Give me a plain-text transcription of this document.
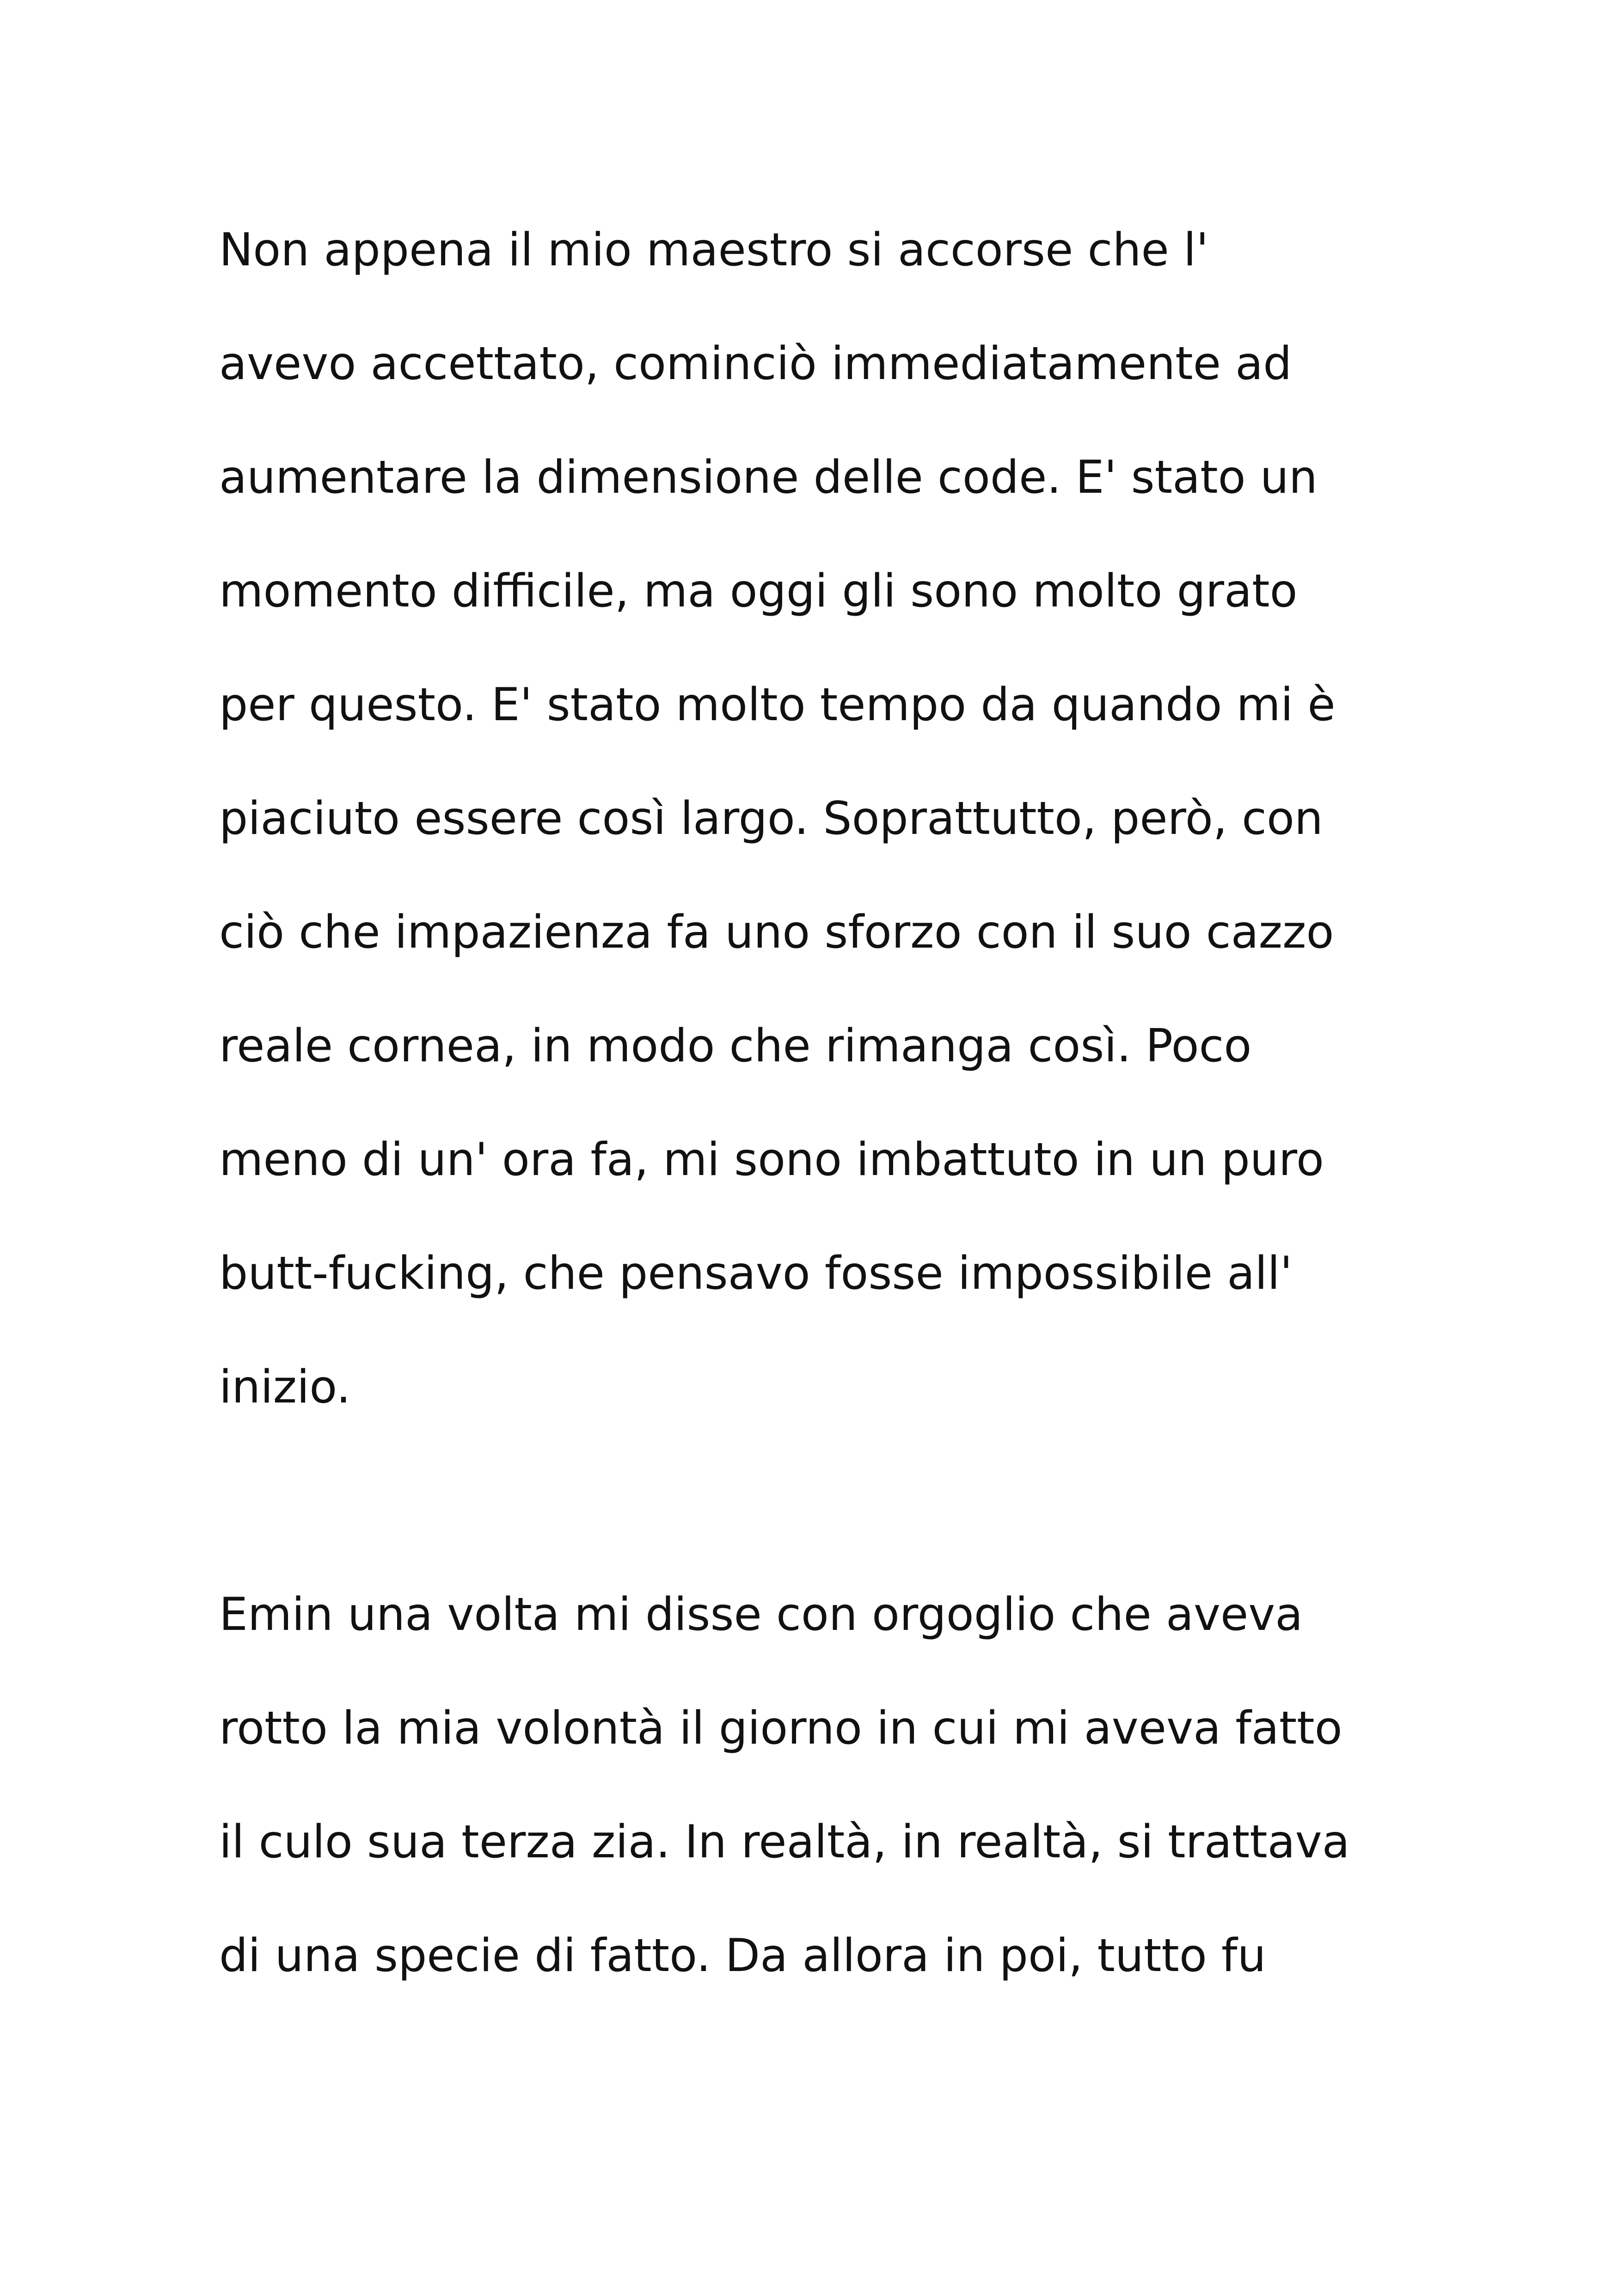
Non appena il mio maestro si accorse che l'

avevo accettato, cominciò immediatamente ad

aumentare la dimensione delle code. E' stato un

momento difficile, ma oggi gli sono molto grato

per questo. E' stato molto tempo da quando mi è

piaciuto essere così largo. Soprattutto, però, con

ciò che impazienza fa uno sforzo con il suo cazzo

reale cornea, in modo che rimanga così. Poco

meno di un' ora fa, mi sono imbattuto in un puro

butt-fucking, che pensavo fosse impossibile all'

inizio.

Emin una volta mi disse con orgoglio che aveva

rotto la mia volontà il giorno in cui mi aveva fatto

il culo sua terza zia. In realtà, in realtà, si trattava

di una specie di fatto. Da allora in poi, tutto fu
